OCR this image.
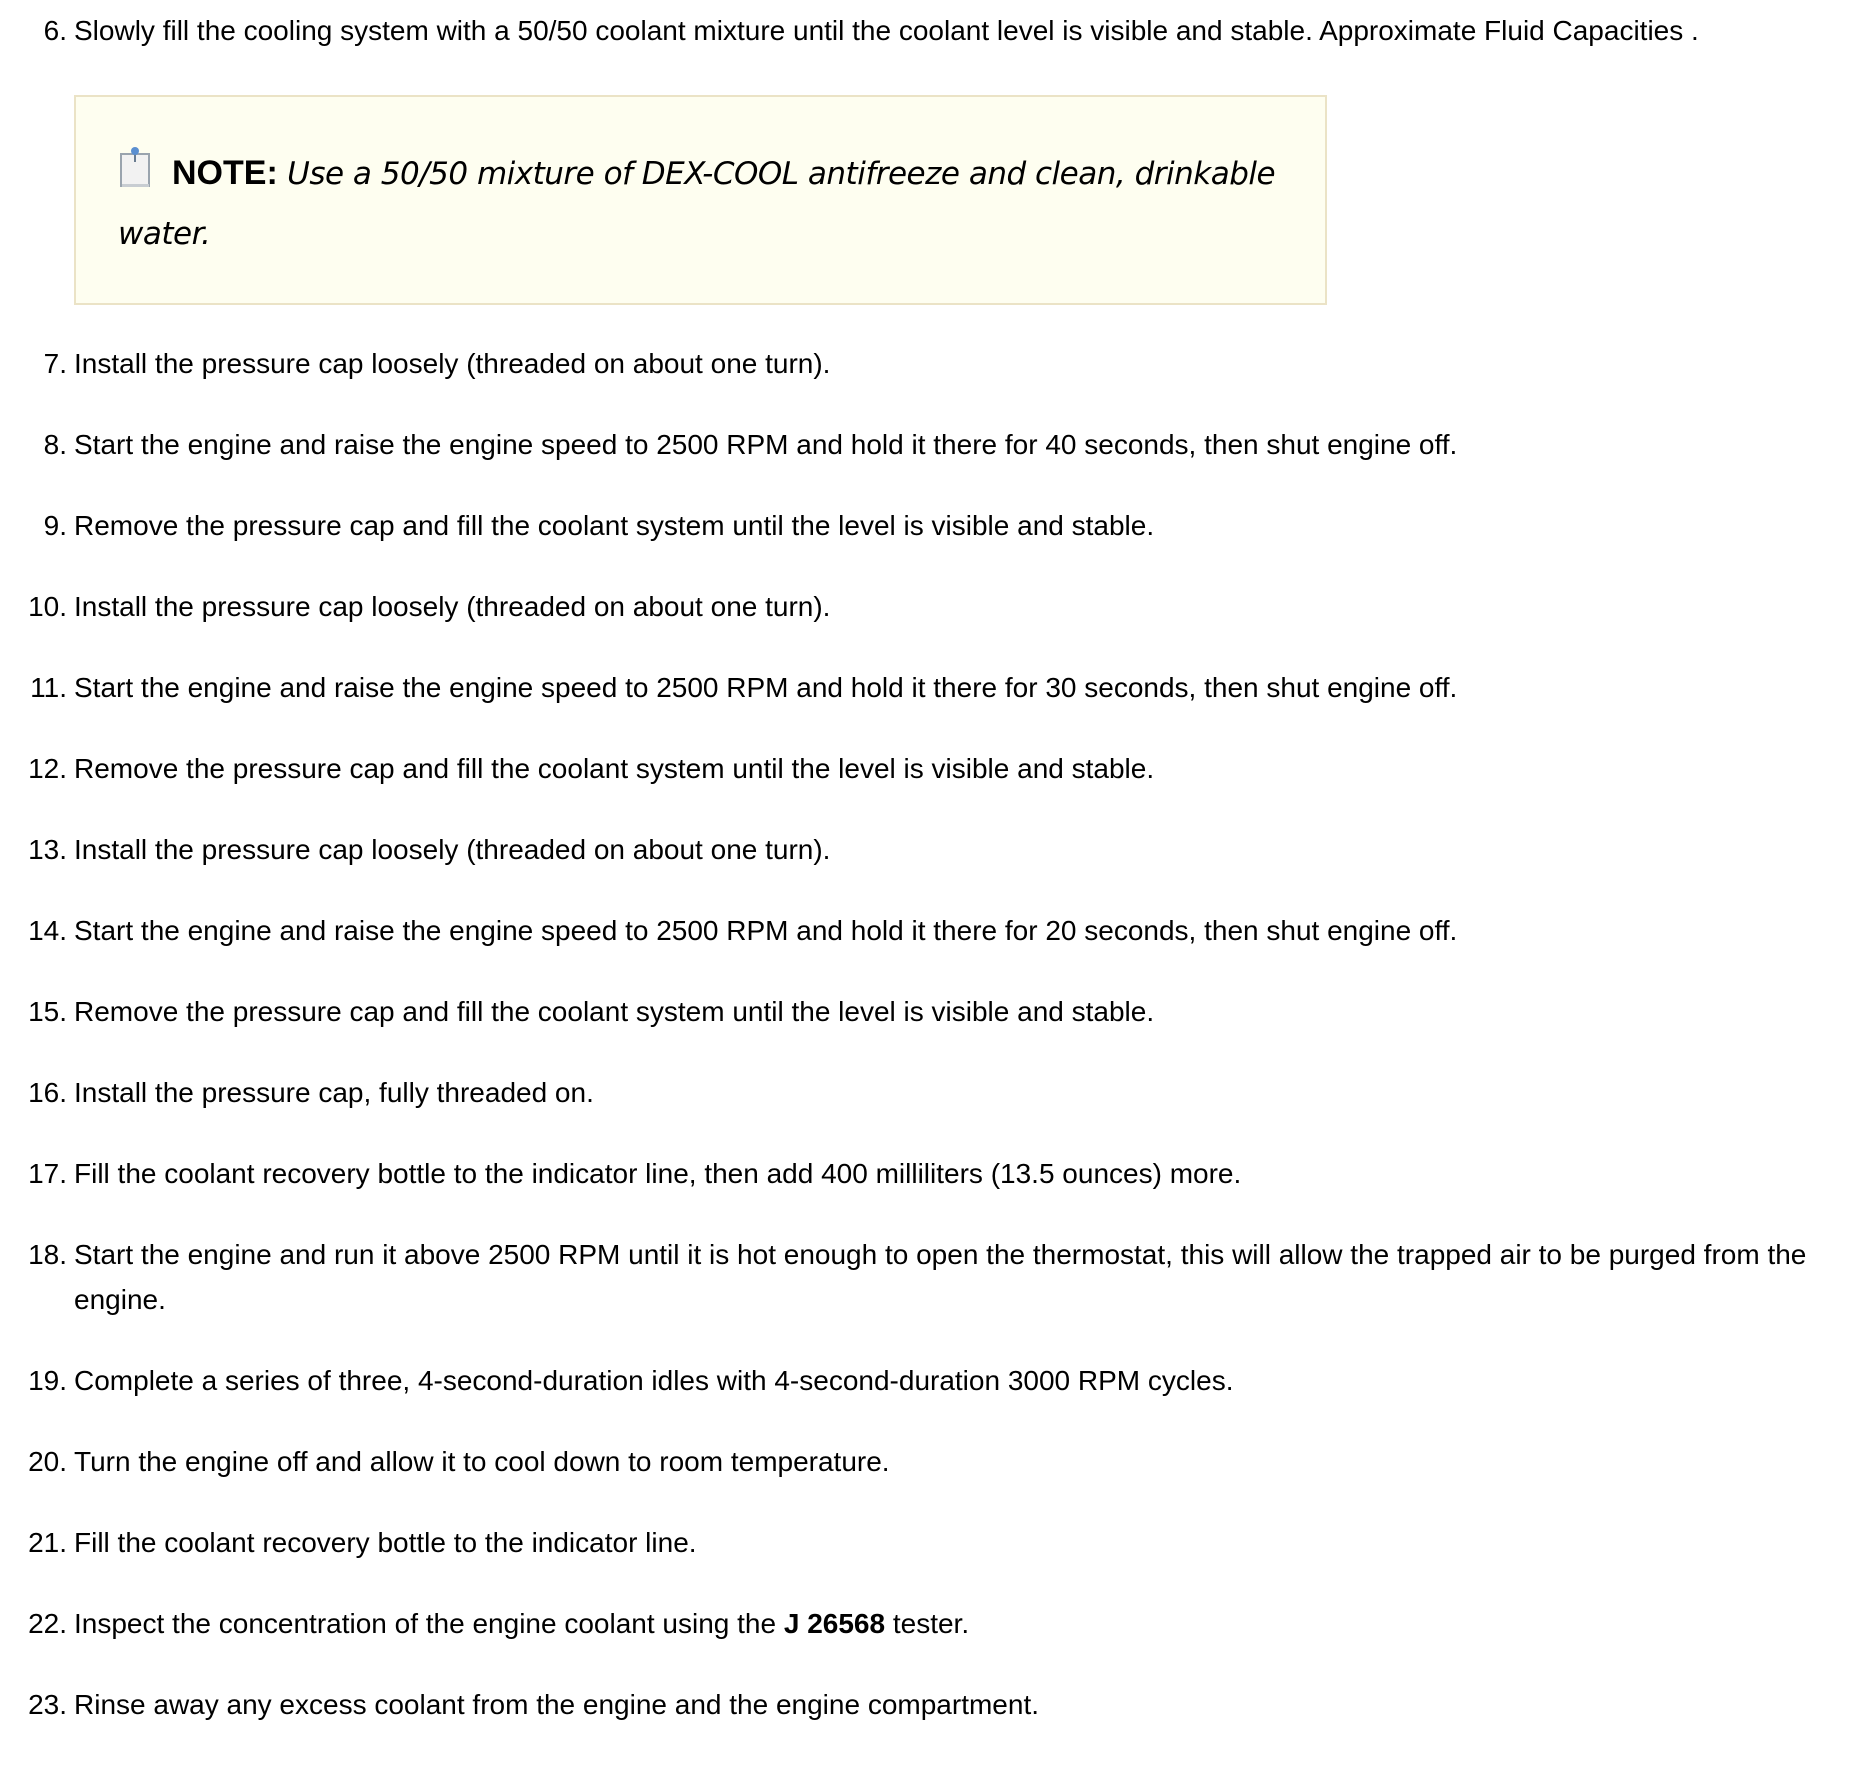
6. Slowly fill the cooling system with a 50/50 coolant mixture until the coolant level is visible and stable. Approximate Fluid Capacities .
NOTE: Use a 50/50 mixture of DEX-COOL antifreeze and clean, drinkable water.
7. Install the pressure cap loosely (threaded on about one turn).
8. Start the engine and raise the engine speed to 2500 RPM and hold it there for 40 seconds, then shut engine off.
9. Remove the pressure cap and fill the coolant system until the level is visible and stable.
10. Install the pressure cap loosely (threaded on about one turn).
11. Start the engine and raise the engine speed to 2500 RPM and hold it there for 30 seconds, then shut engine off.
12. Remove the pressure cap and fill the coolant system until the level is visible and stable.
13. Install the pressure cap loosely (threaded on about one turn).
14. Start the engine and raise the engine speed to 2500 RPM and hold it there for 20 seconds, then shut engine off.
15. Remove the pressure cap and fill the coolant system until the level is visible and stable.
16. Install the pressure cap, fully threaded on.
17. Fill the coolant recovery bottle to the indicator line, then add 400 milliliters (13.5 ounces) more.
18. Start the engine and run it above 2500 RPM until it is hot enough to open the thermostat, this will allow the trapped air to be purged from the engine.
19. Complete a series of three, 4-second-duration idles with 4-second-duration 3000 RPM cycles.
20. Turn the engine off and allow it to cool down to room temperature.
21. Fill the coolant recovery bottle to the indicator line.
22. Inspect the concentration of the engine coolant using the J 26568 tester.
23. Rinse away any excess coolant from the engine and the engine compartment.
